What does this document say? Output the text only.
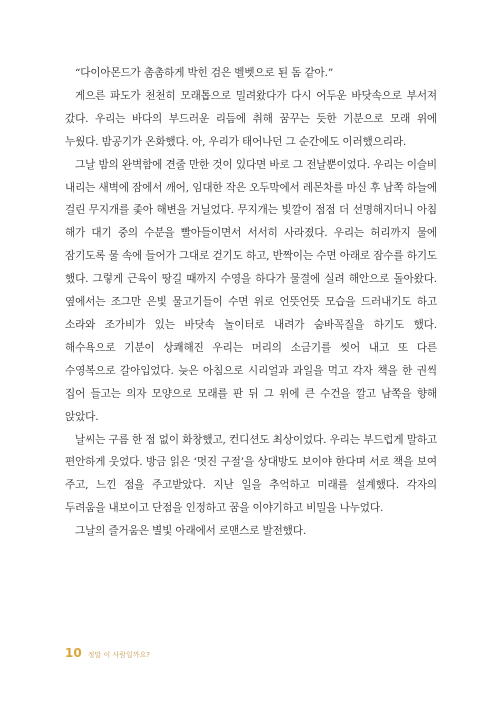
“다이아몬드가 촘촘하게 박힌 검은 벨벳으로 된 돔 같아.”

게으른 파도가 천천히 모래톱으로 밀려왔다가 다시 어두운 바닷속으로 부서져 갔다. 우리는 바다의 부드러운 리듬에 취해 꿈꾸는 듯한 기분으로 모래 위에 누웠다. 밤공기가 온화했다. 아, 우리가 태어나던 그 순간에도 이러했으리라.

그날 밤의 완벽함에 견줄 만한 것이 있다면 바로 그 전날뿐이었다. 우리는 이슬비 내리는 새벽에 잠에서 깨어, 임대한 작은 오두막에서 레몬차를 마신 후 남쪽 하늘에 걸린 무지개를 좇아 해변을 거닐었다. 무지개는 빛깔이 점점 더 선명해지더니 아침 해가 대기 중의 수분을 빨아들이면서 서서히 사라졌다. 우리는 허리까지 물에 잠기도록 물 속에 들어가 그대로 걷기도 하고, 반짝이는 수면 아래로 잠수를 하기도 했다. 그렇게 근육이 땅길 때까지 수영을 하다가 물결에 실려 해안으로 돌아왔다. 옆에서는 조그만 은빛 물고기들이 수면 위로 언뜻언뜻 모습을 드러내기도 하고 소라와 조가비가 있는 바닷속 놀이터로 내려가 숨바꼭질을 하기도 했다. 해수욕으로 기분이 상쾌해진 우리는 머리의 소금기를 씻어 내고 또 다른 수영복으로 갈아입었다. 늦은 아침으로 시리얼과 과일을 먹고 각자 책을 한 권씩 집어 들고는 의자 모양으로 모래를 판 뒤 그 위에 큰 수건을 깔고 남쪽을 향해 앉았다.

날씨는 구름 한 점 없이 화창했고, 컨디션도 최상이었다. 우리는 부드럽게 말하고 편안하게 웃었다. 방금 읽은 ‘멋진 구절’을 상대방도 보이야 한다며 서로 책을 보여 주고, 느낀 점을 주고받았다. 지난 일을 추억하고 미래를 설계했다. 각자의 두려움을 내보이고 단점을 인정하고 꿈을 이야기하고 비밀을 나누었다.

그날의 즐거움은 별빛 아래에서 로맨스로 발전했다.

10 정말 이 사람일까요?
